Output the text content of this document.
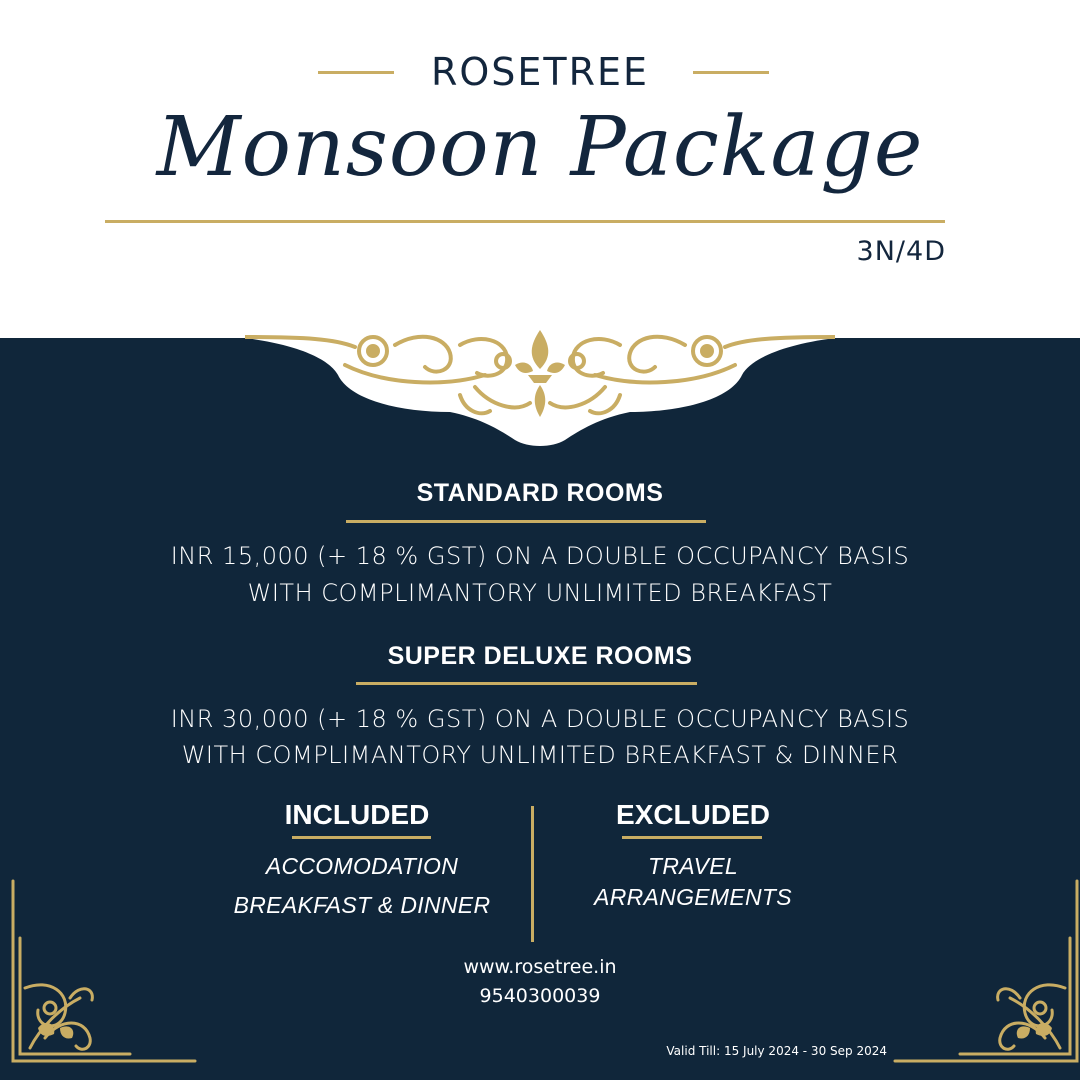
ROSETREE
Monsoon Package
3N/4D
STANDARD ROOMS
INR 15,000 (+ 18 % GST) ON A DOUBLE OCCUPANCY BASIS
WITH COMPLIMANTORY UNLIMITED BREAKFAST
SUPER DELUXE ROOMS
INR 30,000 (+ 18 % GST) ON A DOUBLE OCCUPANCY BASIS
WITH COMPLIMANTORY UNLIMITED BREAKFAST & DINNER
INCLUDED
ACCOMODATION
BREAKFAST & DINNER
EXCLUDED
TRAVEL
ARRANGEMENTS
www.rosetree.in
9540300039
Valid Till: 15 July 2024 - 30 Sep 2024
